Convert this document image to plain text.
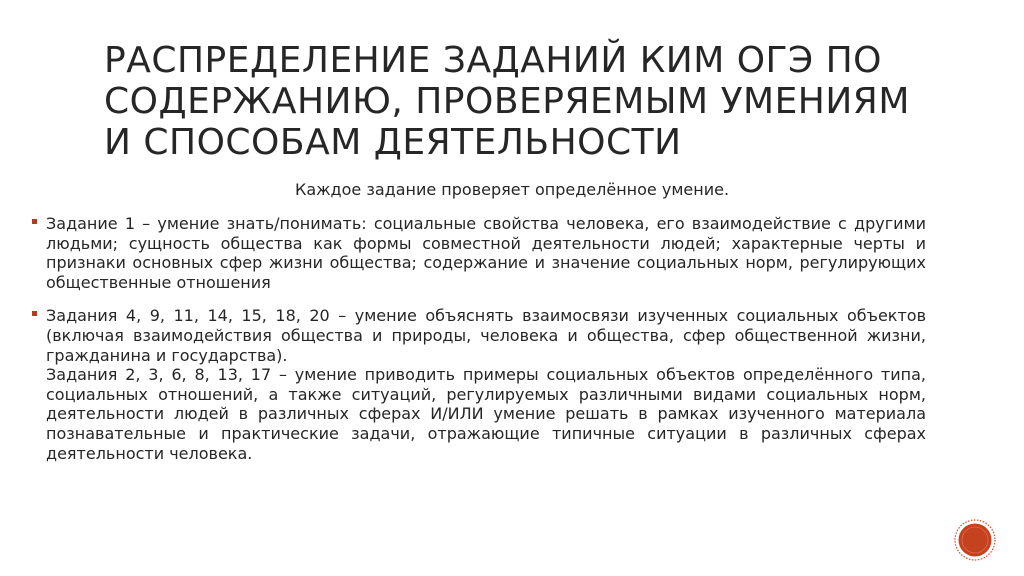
РАСПРЕДЕЛЕНИЕ ЗАДАНИЙ КИМ ОГЭ ПО СОДЕРЖАНИЮ, ПРОВЕРЯЕМЫМ УМЕНИЯМ И СПОСОБАМ ДЕЯТЕЛЬНОСТИ
Каждое задание проверяет определённое умение.

Задание 1 – умение знать/понимать: социальные свойства человека, его взаимодействие с другими людьми; сущность общества как формы совместной деятельности людей; характерные черты и признаки основных сфер жизни общества; содержание и значение социальных норм, регулирующих общественные отношения

Задания 4, 9, 11, 14, 15, 18, 20 – умение объяснять взаимосвязи изученных социальных объектов (включая взаимодействия общества и природы, человека и общества, сфер общественной жизни, гражданина и государства).

Задания 2, 3, 6, 8, 13, 17 – умение приводить примеры социальных объектов определённого типа, социальных отношений, а также ситуаций, регулируемых различными видами социальных норм, деятельности людей в различных сферах И/ИЛИ умение решать в рамках изученного материала познавательные и практические задачи, отражающие типичные ситуации в различных сферах деятельности человека.
